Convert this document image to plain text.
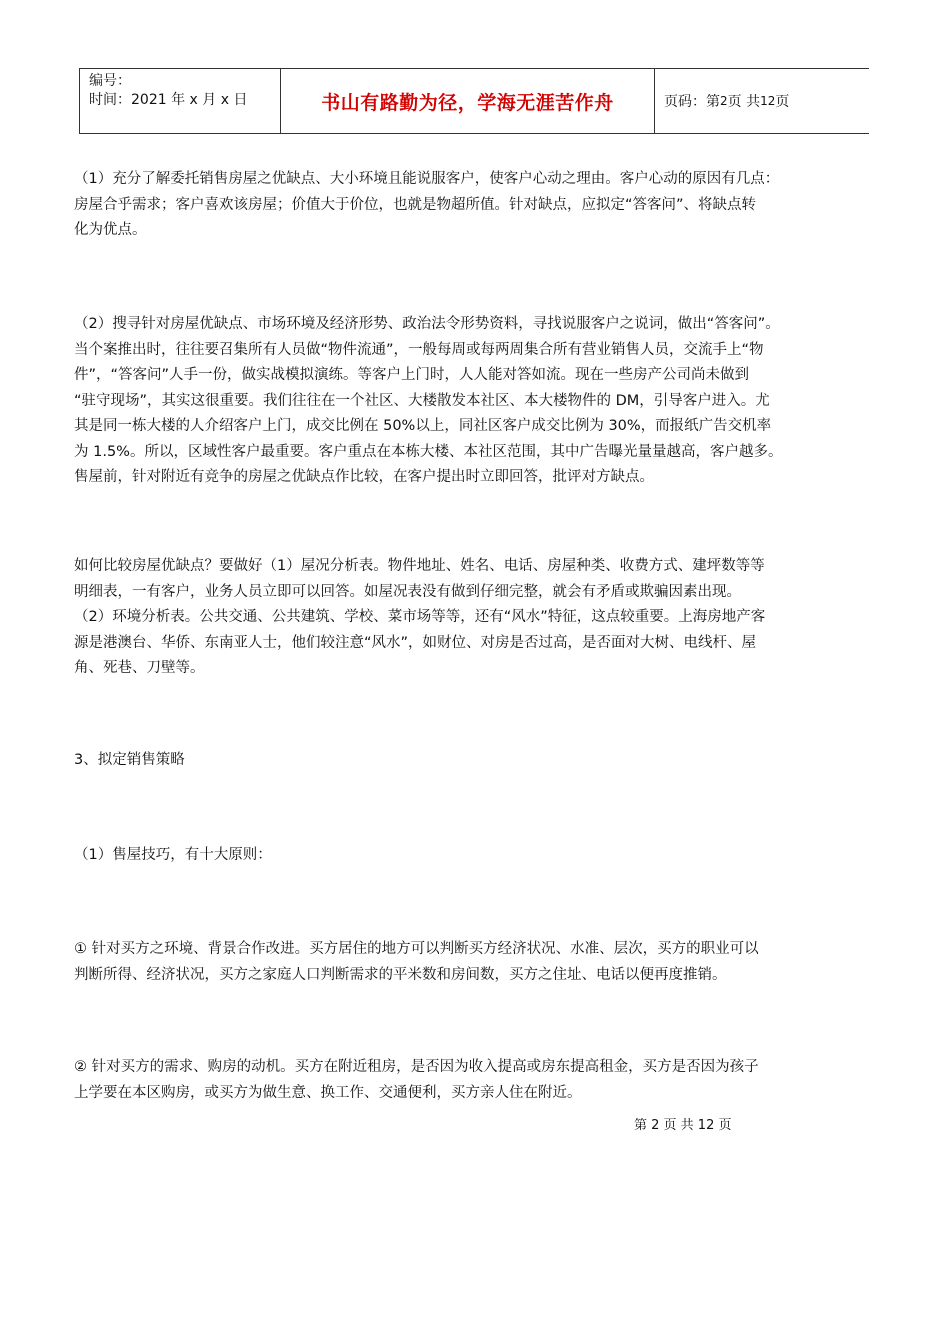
编号：
时间：2021 年 x 月 x 日	书山有路勤为径，学海无涯苦作舟	页码：第 2 页 共 12 页

（1）充分了解委托销售房屋之优缺点、大小环境且能说服客户，使客户心动之理由。客户心动的原因有几点：
房屋合乎需求；客户喜欢该房屋；价值大于价位，也就是物超所值。针对缺点，应拟定“答客问”、将缺点转
化为优点。

（2）搜寻针对房屋优缺点、市场环境及经济形势、政治法令形势资料，寻找说服客户之说词，做出“答客问”。
当个案推出时，往往要召集所有人员做“物件流通”，一般每周或每两周集合所有营业销售人员，交流手上“物
件”，“答客问”人手一份，做实战模拟演练。等客户上门时，人人能对答如流。现在一些房产公司尚未做到
“驻守现场”，其实这很重要。我们往往在一个社区、大楼散发本社区、本大楼物件的 DM，引导客户进入。尤
其是同一栋大楼的人介绍客户上门，成交比例在 50%以上，同社区客户成交比例为 30%，而报纸广告交机率
为 1.5%。所以，区域性客户最重要。客户重点在本栋大楼、本社区范围，其中广告曝光量量越高，客户越多。
售屋前，针对附近有竞争的房屋之优缺点作比较，在客户提出时立即回答，批评对方缺点。

如何比较房屋优缺点？要做好（1）屋况分析表。物件地址、姓名、电话、房屋种类、收费方式、建坪数等等
明细表，一有客户，业务人员立即可以回答。如屋况表没有做到仔细完整，就会有矛盾或欺骗因素出现。
（2）环境分析表。公共交通、公共建筑、学校、菜市场等等，还有“风水”特征，这点较重要。上海房地产客
源是港澳台、华侨、东南亚人士，他们较注意“风水”，如财位、对房是否过高，是否面对大树、电线杆、屋
角、死巷、刀壁等。

3、拟定销售策略

（1）售屋技巧，有十大原则：

① 针对买方之环境、背景合作改进。买方居住的地方可以判断买方经济状况、水准、层次，买方的职业可以
判断所得、经济状况，买方之家庭人口判断需求的平米数和房间数，买方之住址、电话以便再度推销。

② 针对买方的需求、购房的动机。买方在附近租房，是否因为收入提高或房东提高租金，买方是否因为孩子
上学要在本区购房，或买方为做生意、换工作、交通便利，买方亲人住在附近。

第 2 页 共 12 页
